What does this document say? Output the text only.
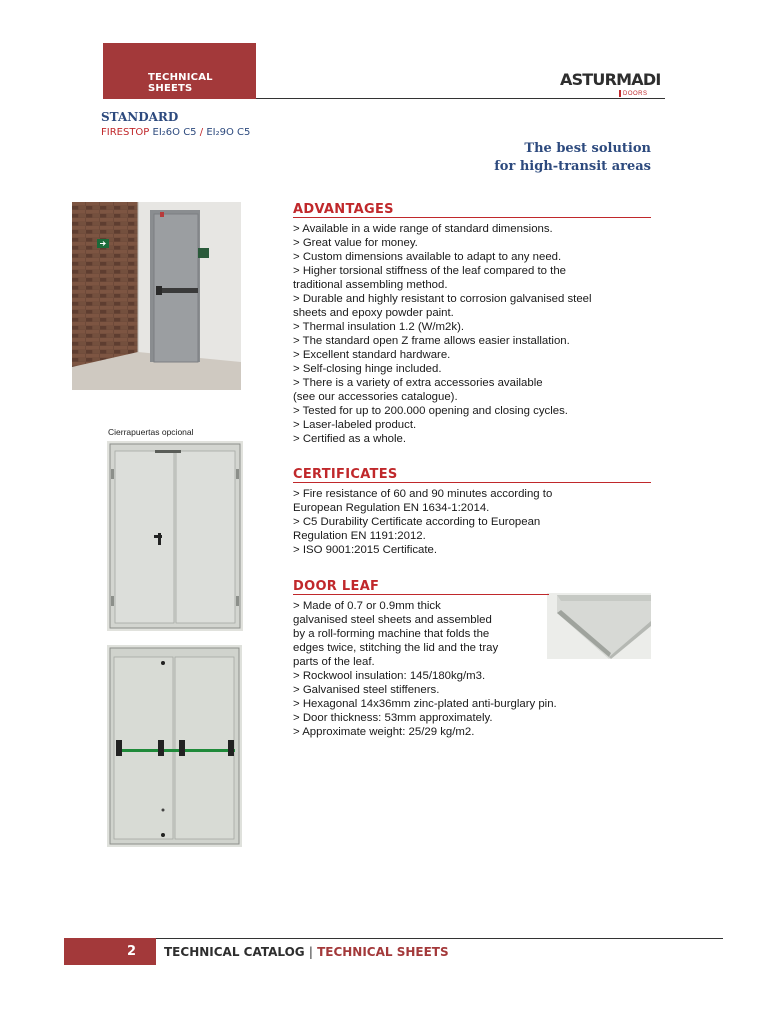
TECHNICAL SHEETS	ASTURMADI
DOORS
STANDARD
FIRESTOP EI₂6O C5 / EI₂9O C5
The best solution
for high-transit areas
Cierrapuertas opcional
ADVANTAGES
> Available in a wide range of standard dimensions.
> Great value for money.
> Custom dimensions available to adapt to any need.
> Higher torsional stiffness of the leaf compared to the
traditional assembling method.
> Durable and highly resistant to corrosion galvanised steel
sheets and epoxy powder paint.
> Thermal insulation 1.2 (W/m2k).
> The standard open Z frame allows easier installation.
> Excellent standard hardware.
> Self-closing hinge included.
> There is a variety of extra accessories available
(see our accessories catalogue).
> Tested for up to 200.000 opening and closing cycles.
> Laser-labeled product.
> Certified as a whole.
CERTIFICATES
> Fire resistance of 60 and 90 minutes according to
European Regulation EN 1634-1:2014.
> C5 Durability Certificate according to European
Regulation EN 1191:2012.
> ISO 9001:2015 Certificate.
DOOR LEAF
> Made of 0.7 or 0.9mm thick
galvanised steel sheets and assembled
by a roll-forming machine that folds the
edges twice, stitching the lid and the tray
parts of the leaf.
> Rockwool insulation: 145/180kg/m3.
> Galvanised steel stiffeners.
> Hexagonal 14x36mm zinc-plated anti-burglary pin.
> Door thickness: 53mm approximately.
> Approximate weight: 25/29 kg/m2.
2 TECHNICAL CATALOG | TECHNICAL SHEETS
